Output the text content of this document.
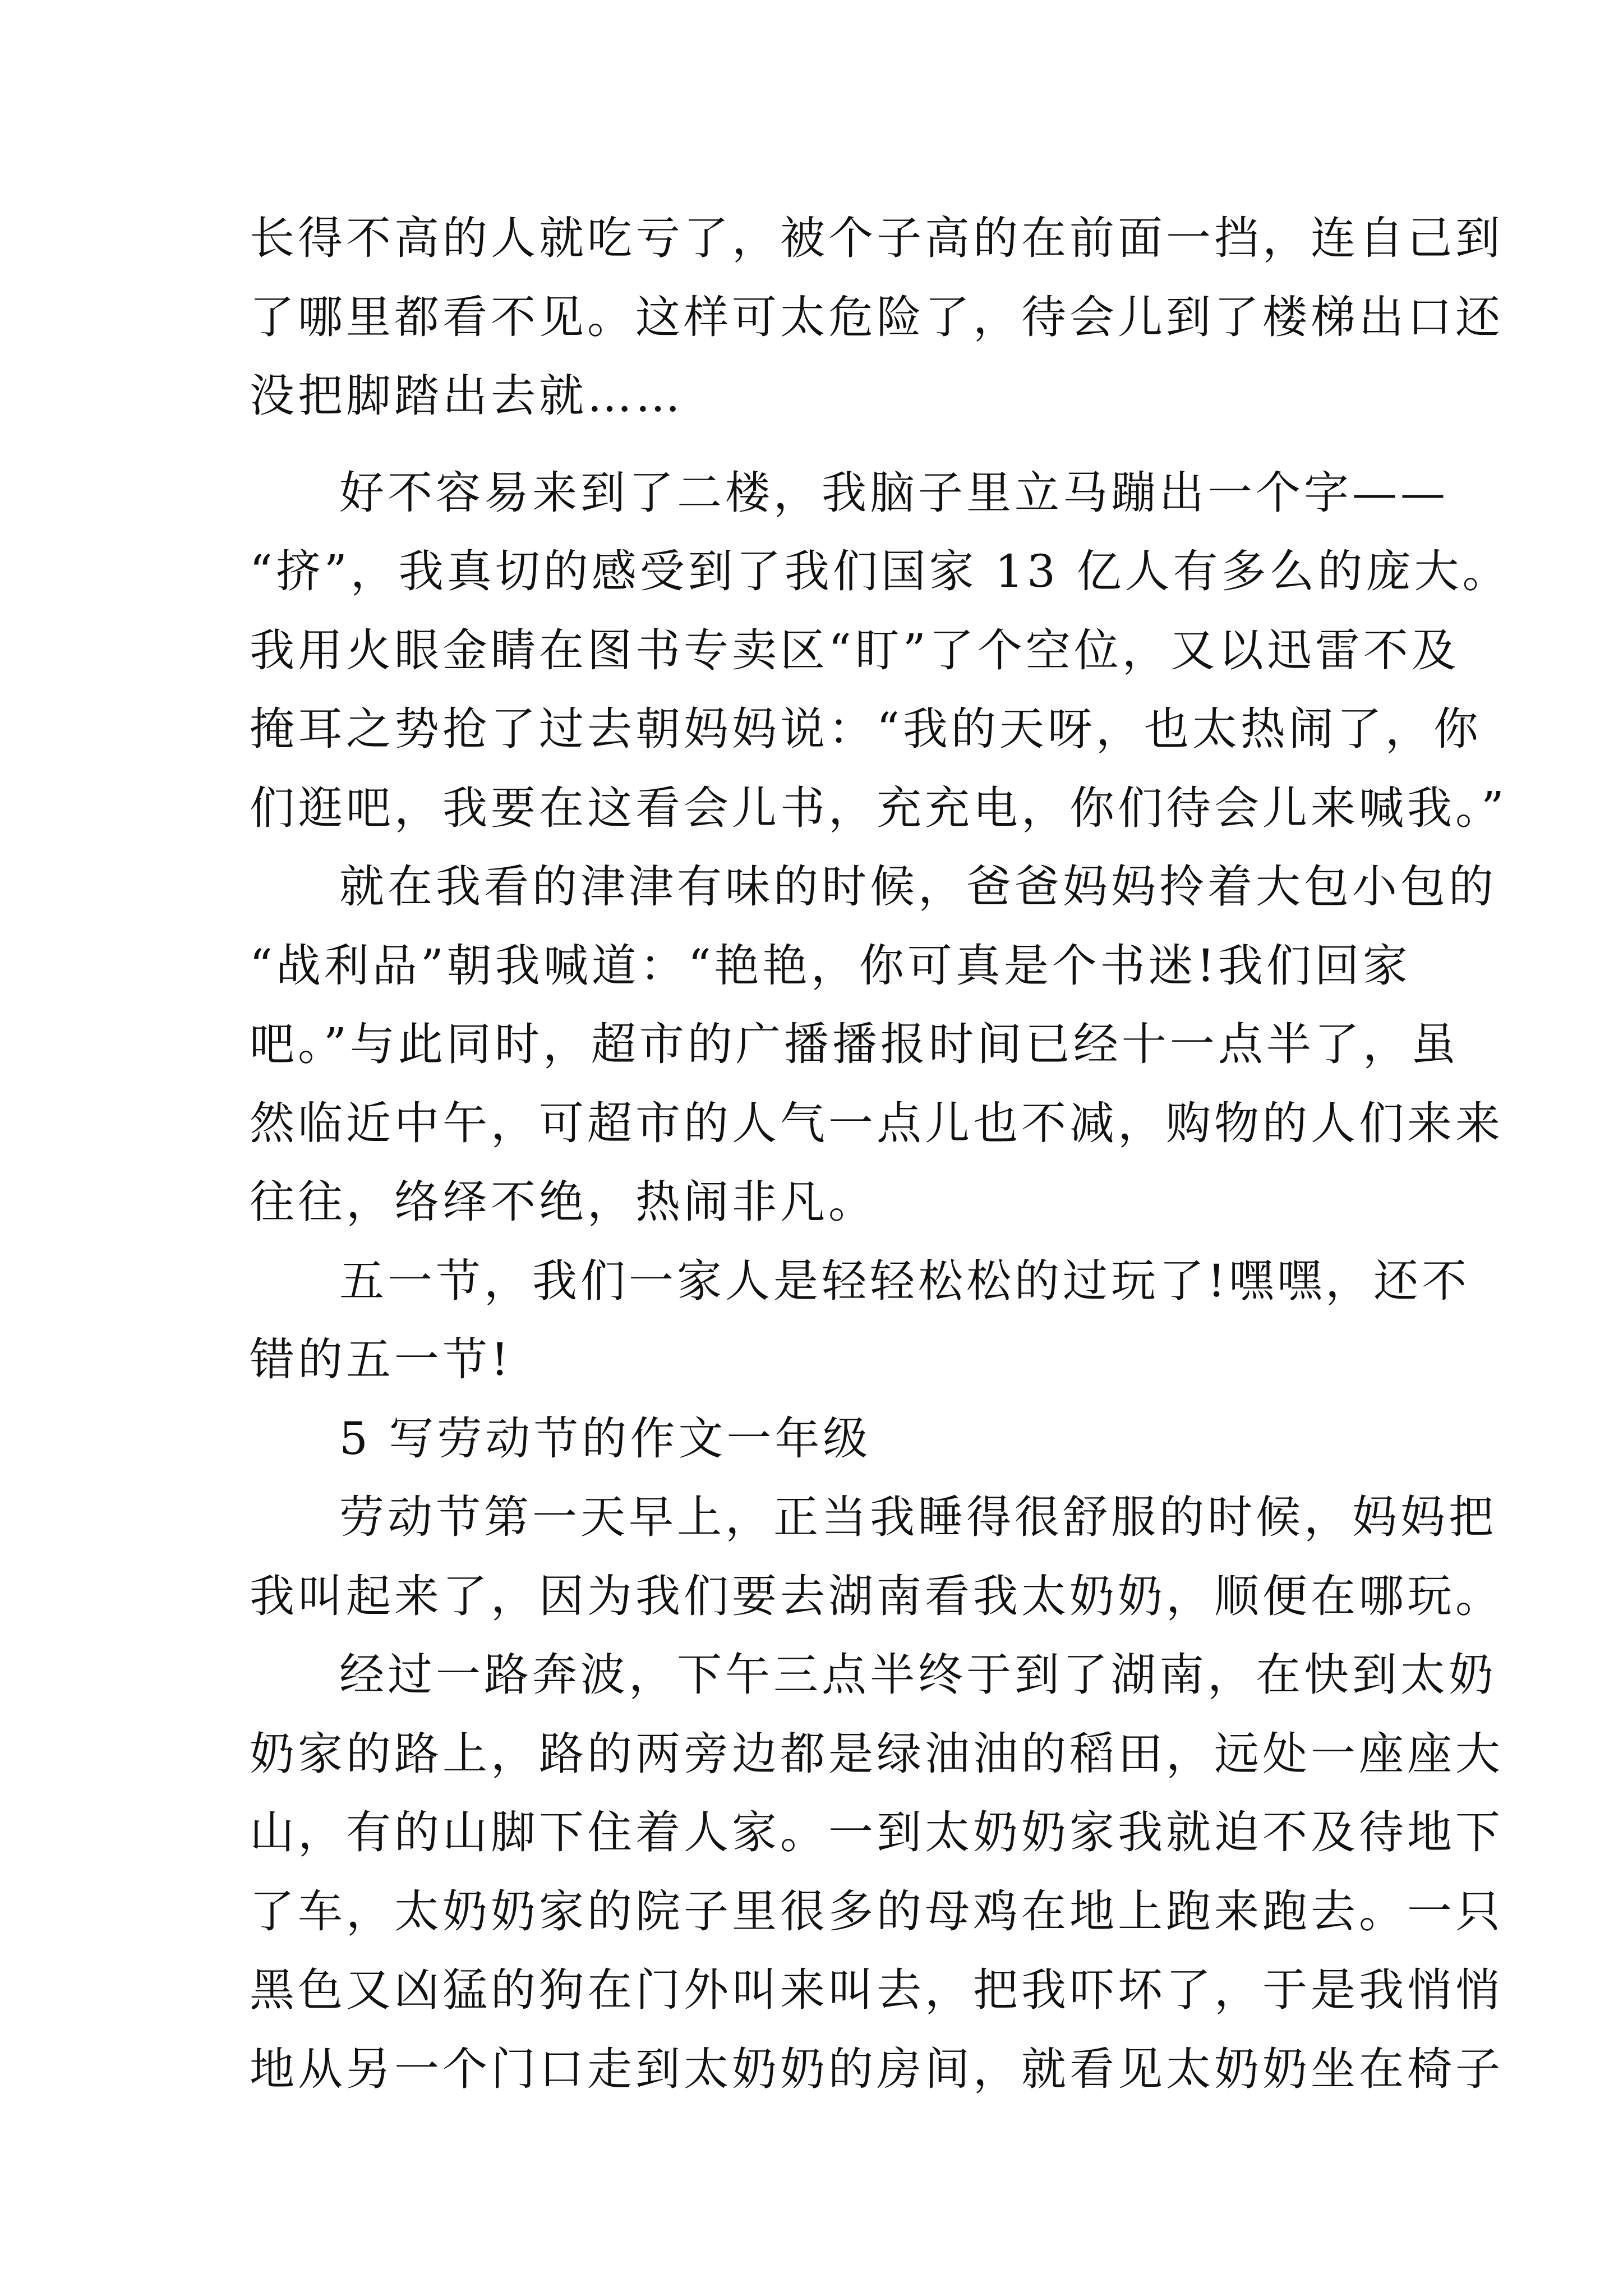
长得不高的人就吃亏了，被个子高的在前面一挡，连自己到
了哪里都看不见。这样可太危险了，待会儿到了楼梯出口还
没把脚踏出去就……
好不容易来到了二楼，我脑子里立马蹦出一个字——
“挤”，我真切的感受到了我们国家 13 亿人有多么的庞大。
我用火眼金睛在图书专卖区“盯”了个空位，又以迅雷不及
掩耳之势抢了过去朝妈妈说：“我的天呀，也太热闹了，你
们逛吧，我要在这看会儿书，充充电，你们待会儿来喊我。”
就在我看的津津有味的时候，爸爸妈妈拎着大包小包的
“战利品”朝我喊道：“艳艳，你可真是个书迷!我们回家
吧。”与此同时，超市的广播播报时间已经十一点半了，虽
然临近中午，可超市的人气一点儿也不减，购物的人们来来
往往，络绎不绝，热闹非凡。
五一节，我们一家人是轻轻松松的过玩了!嘿嘿，还不
错的五一节!
5 写劳动节的作文一年级
劳动节第一天早上，正当我睡得很舒服的时候，妈妈把
我叫起来了，因为我们要去湖南看我太奶奶，顺便在哪玩。
经过一路奔波，下午三点半终于到了湖南，在快到太奶
奶家的路上，路的两旁边都是绿油油的稻田，远处一座座大
山，有的山脚下住着人家。一到太奶奶家我就迫不及待地下
了车，太奶奶家的院子里很多的母鸡在地上跑来跑去。一只
黑色又凶猛的狗在门外叫来叫去，把我吓坏了，于是我悄悄
地从另一个门口走到太奶奶的房间，就看见太奶奶坐在椅子
